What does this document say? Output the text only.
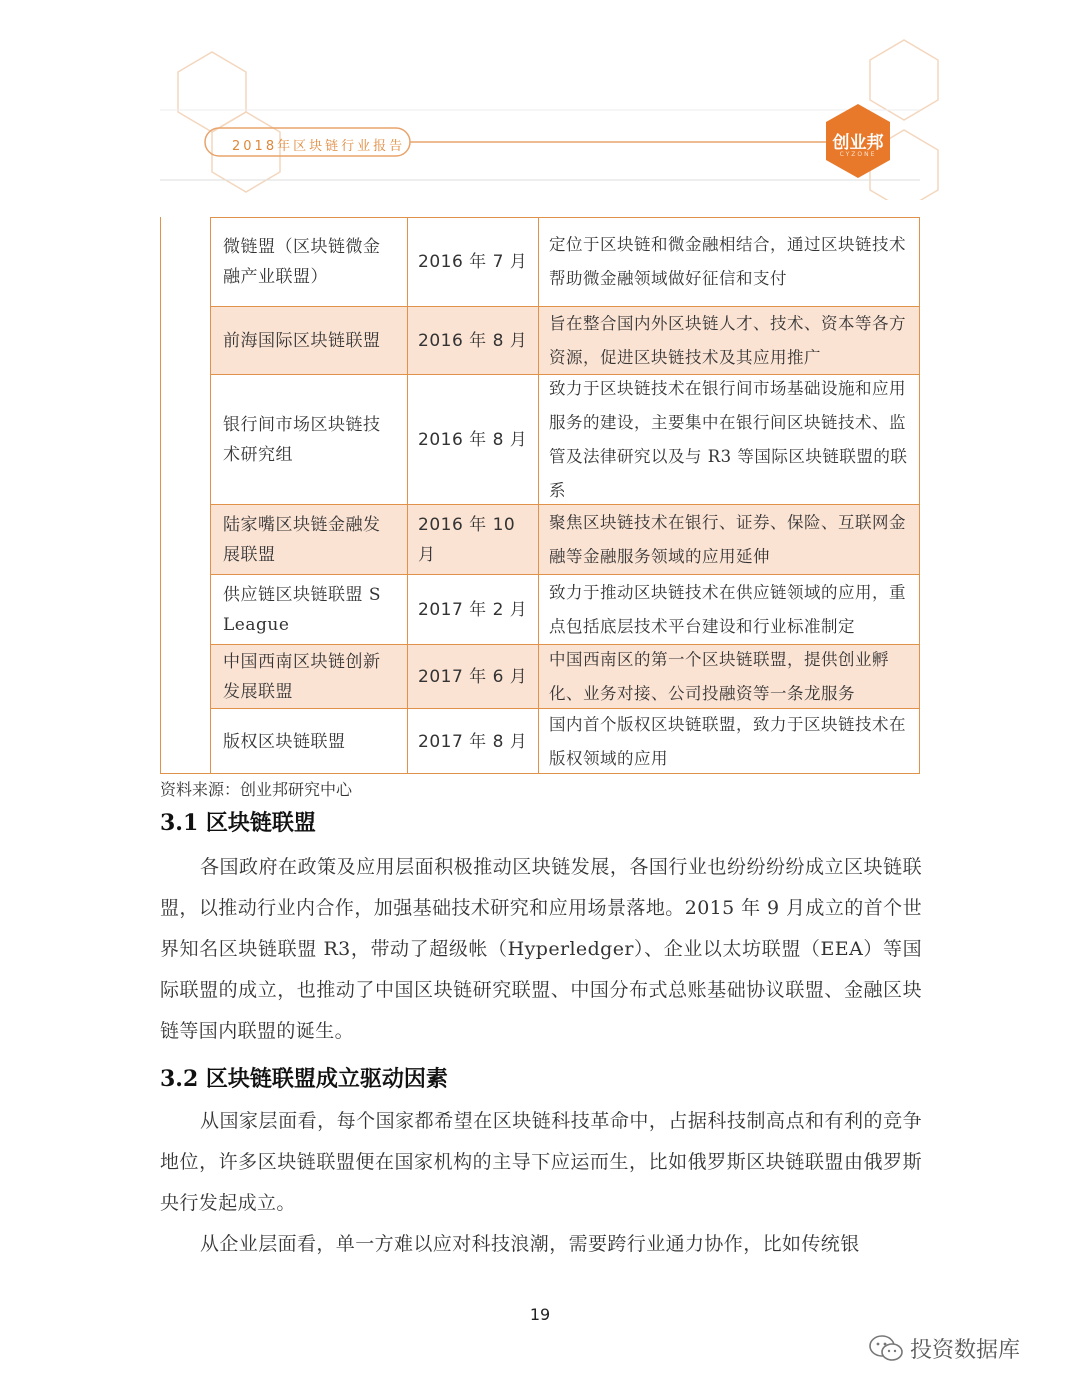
2018年区块链行业报告	创业邦
CYZONE
微链盟（区块链微金融产业联盟）
2016 年 7 月
定位于区块链和微金融相结合，通过区块链技术帮助微金融领域做好征信和支付
前海国际区块链联盟 2016 年 8 月
旨在整合国内外区块链人才、技术、资本等各方资源，促进区块链技术及其应用推广
银行间市场区块链技术研究组
2016 年 8 月
致力于区块链技术在银行间市场基础设施和应用服务的建设，主要集中在银行间区块链技术、监管及法律研究以及与 R3 等国际区块链联盟的联系
陆家嘴区块链金融发展联盟
2016 年 10 月
聚焦区块链技术在银行、证券、保险、互联网金融等金融服务领域的应用延伸
供应链区块链联盟 S League
2017 年 2 月
致力于推动区块链技术在供应链领域的应用，重点包括底层技术平台建设和行业标准制定
中国西南区块链创新发展联盟
2017 年 6 月
中国西南区的第一个区块链联盟，提供创业孵化、业务对接、公司投融资等一条龙服务
版权区块链联盟	2017 年 8 月
国内首个版权区块链联盟，致力于区块链技术在版权领域的应用
资料来源：创业邦研究中心
3.1 区块链联盟

各国政府在政策及应用层面积极推动区块链发展，各国行业也纷纷纷纷成立区块链联盟，以推动行业内合作，加强基础技术研究和应用场景落地。2015 年 9 月成立的首个世界知名区块链联盟 R3，带动了超级帐（Hyperledger）、企业以太坊联盟（EEA）等国际联盟的成立，也推动了中国区块链研究联盟、中国分布式总账基础协议联盟、金融区块链等国内联盟的诞生。

3.2 区块链联盟成立驱动因素

从国家层面看，每个国家都希望在区块链科技革命中，占据科技制高点和有利的竞争地位，许多区块链联盟便在国家机构的主导下应运而生，比如俄罗斯区块链联盟由俄罗斯央行发起成立。

从企业层面看，单一方难以应对科技浪潮，需要跨行业通力协作，比如传统银

19
投资数据库
